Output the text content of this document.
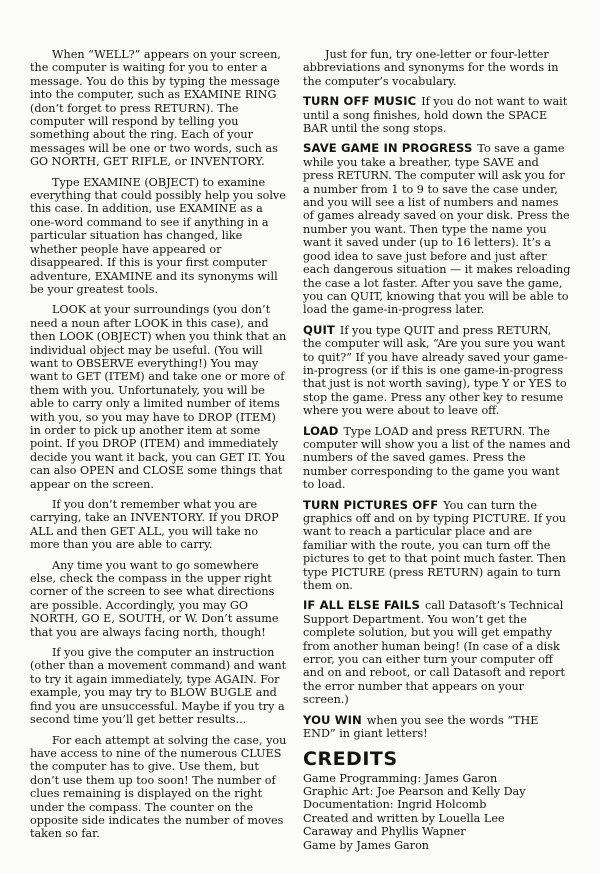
When “WELL?” appears on your screen, the computer is waiting for you to enter a message. You do this by typing the message into the computer, such as EXAMINE RING (don’t forget to press RETURN). The computer will respond by telling you something about the ring. Each of your messages will be one or two words, such as GO NORTH, GET RIFLE, or INVENTORY.

Type EXAMINE (OBJECT) to examine everything that could possibly help you solve this case. In addition, use EXAMINE as a one-word command to see if anything in a particular situation has changed, like whether people have appeared or disappeared. If this is your first computer adventure, EXAMINE and its synonyms will be your greatest tools.

LOOK at your surroundings (you don’t need a noun after LOOK in this case), and then LOOK (OBJECT) when you think that an individual object may be useful. (You will want to OBSERVE everything!) You may want to GET (ITEM) and take one or more of them with you. Unfortunately, you will be able to carry only a limited number of items with you, so you may have to DROP (ITEM) in order to pick up another item at some point. If you DROP (ITEM) and immediately decide you want it back, you can GET IT. You can also OPEN and CLOSE some things that appear on the screen.

If you don’t remember what you are carrying, take an INVENTORY. If you DROP ALL and then GET ALL, you will take no more than you are able to carry.

Any time you want to go somewhere else, check the compass in the upper right corner of the screen to see what directions are possible. Accordingly, you may GO NORTH, GO E, SOUTH, or W. Don’t assume that you are always facing north, though!

If you give the computer an instruction (other than a movement command) and want to try it again immediately, type AGAIN. For example, you may try to BLOW BUGLE and find you are unsuccessful. Maybe if you try a second time you’ll get better results...

For each attempt at solving the case, you have access to nine of the numerous CLUES the computer has to give. Use them, but don’t use them up too soon! The number of clues remaining is displayed on the right under the compass. The counter on the opposite side indicates the number of moves taken so far.

Just for fun, try one-letter or four-letter abbreviations and synonyms for the words in the computer’s vocabulary.

TURN OFF MUSIC If you do not want to wait until a song finishes, hold down the SPACE BAR until the song stops.

SAVE GAME IN PROGRESS To save a game while you take a breather, type SAVE and press RETURN. The computer will ask you for a number from 1 to 9 to save the case under, and you will see a list of numbers and names of games already saved on your disk. Press the number you want. Then type the name you want it saved under (up to 16 letters). It’s a good idea to save just before and just after each dangerous situation — it makes reloading the case a lot faster. After you save the game, you can QUIT, knowing that you will be able to load the game-in-progress later.

QUIT If you type QUIT and press RETURN, the computer will ask, “Are you sure you want to quit?” If you have already saved your game-in-progress (or if this is one game-in-progress that just is not worth saving), type Y or YES to stop the game. Press any other key to resume where you were about to leave off.

LOAD Type LOAD and press RETURN. The computer will show you a list of the names and numbers of the saved games. Press the number corresponding to the game you want to load.

TURN PICTURES OFF You can turn the graphics off and on by typing PICTURE. If you want to reach a particular place and are familiar with the route, you can turn off the pictures to get to that point much faster. Then type PICTURE (press RETURN) again to turn them on.

IF ALL ELSE FAILS call Datasoft’s Technical Support Department. You won’t get the complete solution, but you will get empathy from another human being! (In case of a disk error, you can either turn your computer off and on and reboot, or call Datasoft and report the error number that appears on your screen.)

YOU WIN when you see the words “THE END” in giant letters!

CREDITS

Game Programming: James Garon

Graphic Art: Joe Pearson and Kelly Day

Documentation: Ingrid Holcomb

Created and written by Louella Lee

Caraway and Phyllis Wapner

Game by James Garon
